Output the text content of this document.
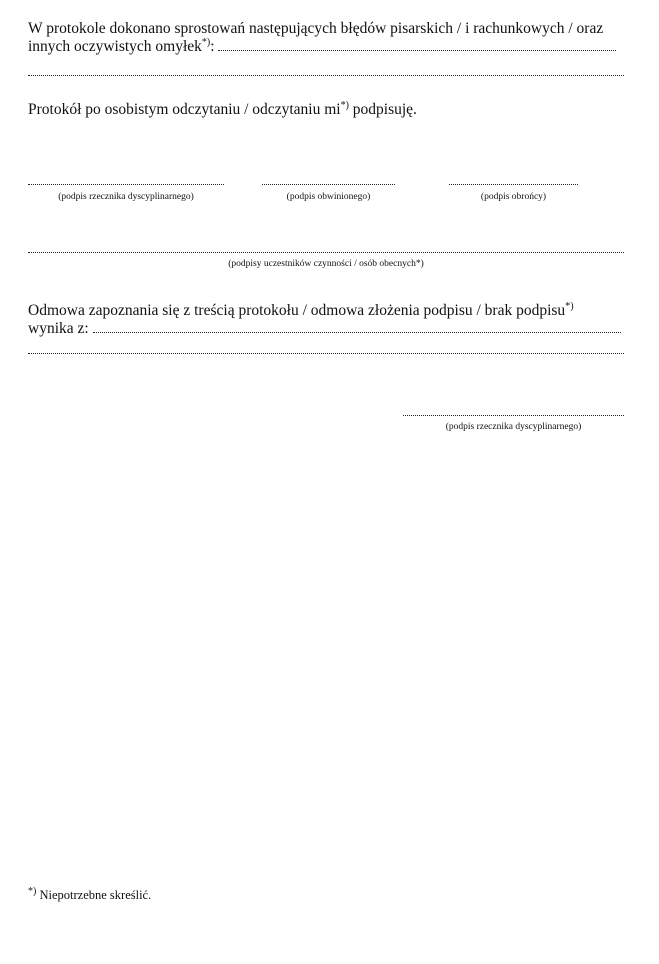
W protokole dokonano sprostowań następujących błędów pisarskich / i rachunkowych / oraz
innych oczywistych omyłek*):
Protokół po osobistym odczytaniu / odczytaniu mi*) podpisuję.
(podpis rzecznika dyscyplinarnego)	(podpis obwinionego)	(podpis obrońcy)
(podpisy uczestników czynności / osób obecnych*)
Odmowa zapoznania się z treścią protokołu / odmowa złożenia podpisu / brak podpisu*)
wynika z:
(podpis rzecznika dyscyplinarnego)
*) Niepotrzebne skreślić.
